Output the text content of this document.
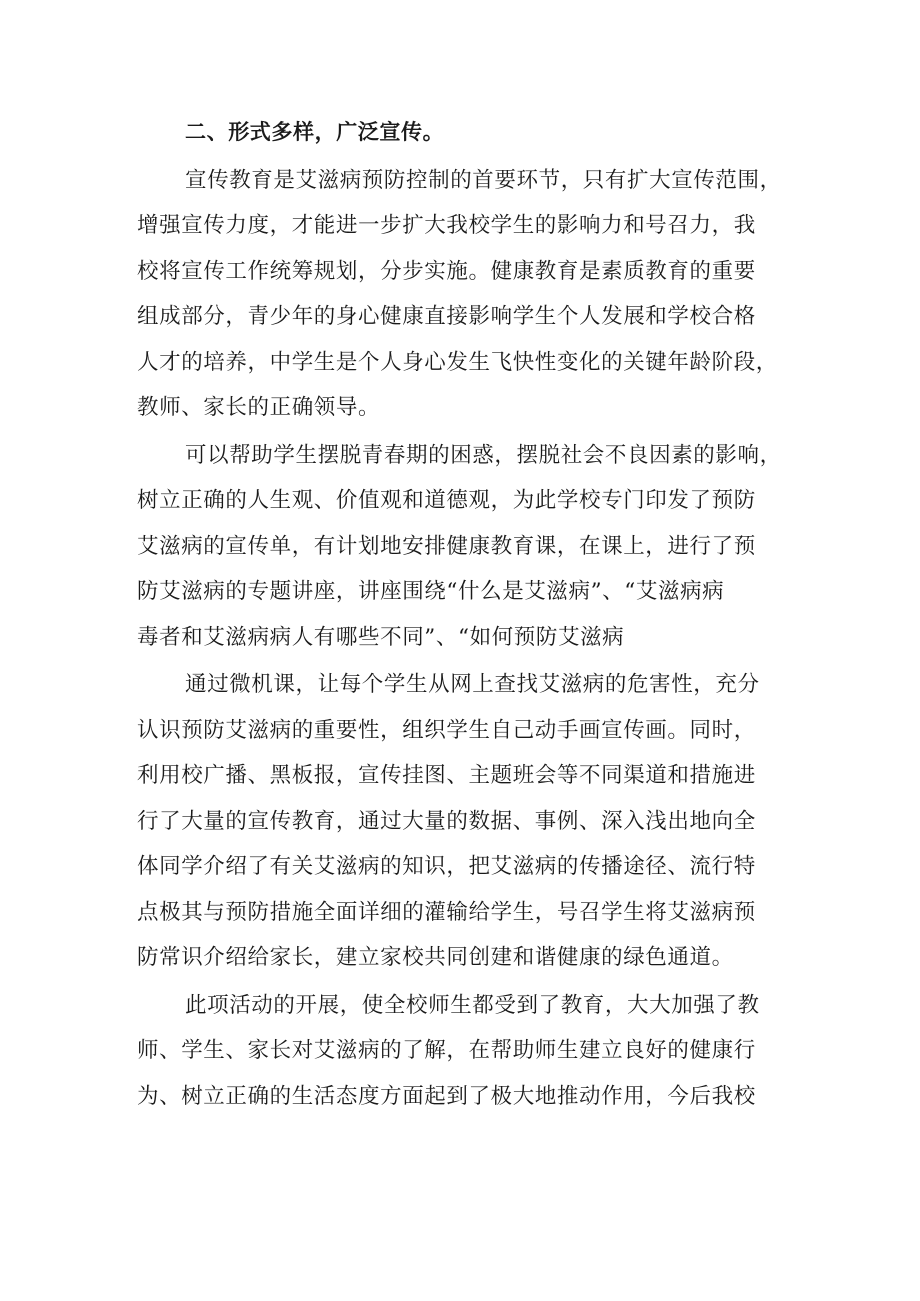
二、形式多样，广泛宣传。

宣传教育是艾滋病预防控制的首要环节，只有扩大宣传范围，
增强宣传力度，才能进一步扩大我校学生的影响力和号召力，我
校将宣传工作统筹规划，分步实施。健康教育是素质教育的重要
组成部分，青少年的身心健康直接影响学生个人发展和学校合格
人才的培养，中学生是个人身心发生飞快性变化的关键年龄阶段，
教师、家长的正确领导。

可以帮助学生摆脱青春期的困惑，摆脱社会不良因素的影响，
树立正确的人生观、价值观和道德观，为此学校专门印发了预防
艾滋病的宣传单，有计划地安排健康教育课，在课上，进行了预
防艾滋病的专题讲座，讲座围绕“什么是艾滋病”、“艾滋病病
毒者和艾滋病病人有哪些不同”、“如何预防艾滋病

通过微机课，让每个学生从网上查找艾滋病的危害性，充分
认识预防艾滋病的重要性，组织学生自己动手画宣传画。同时，
利用校广播、黑板报，宣传挂图、主题班会等不同渠道和措施进
行了大量的宣传教育，通过大量的数据、事例、深入浅出地向全
体同学介绍了有关艾滋病的知识，把艾滋病的传播途径、流行特
点极其与预防措施全面详细的灌输给学生，号召学生将艾滋病预
防常识介绍给家长，建立家校共同创建和谐健康的绿色通道。

此项活动的开展，使全校师生都受到了教育，大大加强了教
师、学生、家长对艾滋病的了解，在帮助师生建立良好的健康行
为、树立正确的生活态度方面起到了极大地推动作用，今后我校
